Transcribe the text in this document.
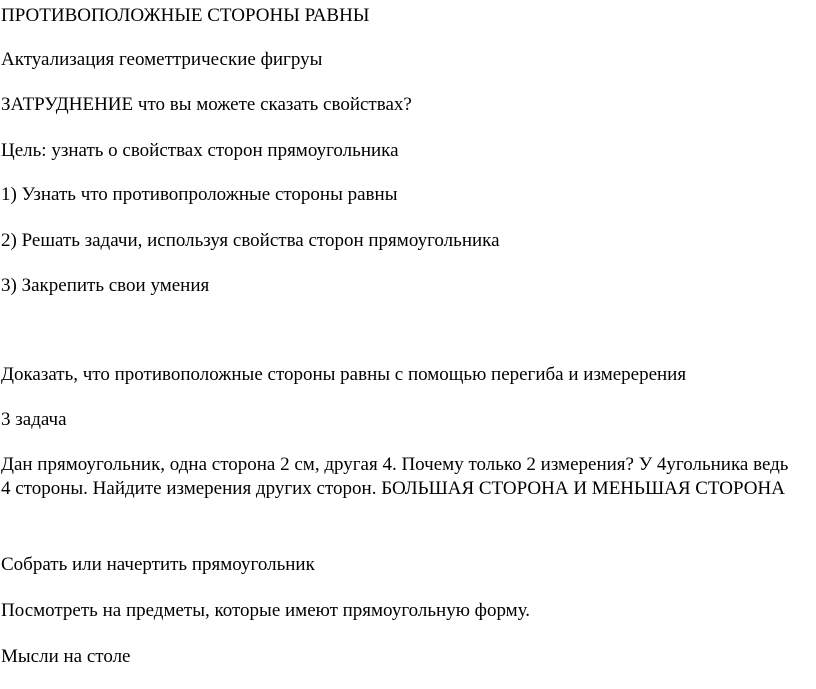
ПРОТИВОПОЛОЖНЫЕ СТОРОНЫ РАВНЫ

Актуализация геометтрические фигруы

ЗАТРУДНЕНИЕ что вы можете сказать свойствах?

Цель: узнать о свойствах сторон прямоугольника

1) Узнать что противопроложные стороны равны

2) Решать задачи, используя свойства сторон прямоугольника

3) Закрепить свои умения

Доказать, что противоположные стороны равны с помощью перегиба и измеререния

3 задача

Дан прямоугольник, одна сторона 2 см, другая 4. Почему только 2 измерения? У 4угольника ведь 4 стороны. Найдите измерения других сторон. БОЛЬШАЯ СТОРОНА И МЕНЬШАЯ СТОРОНА

Собрать или начертить прямоугольник

Посмотреть на предметы, которые имеют прямоугольную форму.

Мысли на столе
